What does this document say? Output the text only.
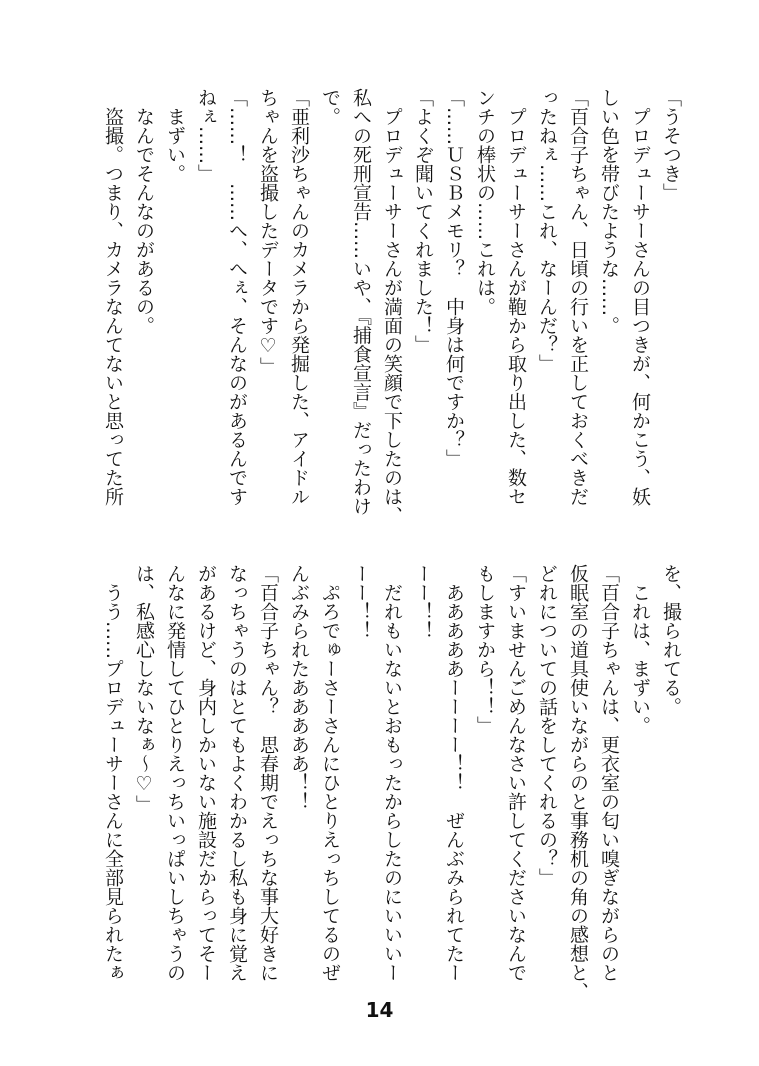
「うそつき」
　プロデューサーさんの目つきが、何かこう、妖
しい色を帯びたような……。
「百合子ちゃん、日頃の行いを正しておくべきだ
ったねぇ……これ、なーんだ？」
　プロデューサーさんが鞄から取り出した、数セ
ンチの棒状の……これは。
「……ＵＳＢメモリ？　中身は何ですか？」
「よくぞ聞いてくれました！」
　プロデューサーさんが満面の笑顔で下したのは、
私への死刑宣告……いや、『捕食宣言』だったわけ
で。
「亜利沙ちゃんのカメラから発掘した、アイドル
ちゃんを盗撮したデータです♡」
「……！　……へ、へぇ、そんなのがあるんです
ねぇ……」
　まずい。
　なんでそんなのがあるの。
　盗撮。つまり、カメラなんてないと思ってた所
を、撮られてる。
　これは、まずい。
「百合子ちゃんは、更衣室の匂い嗅ぎながらのと
仮眠室の道具使いながらのと事務机の角の感想と、
どれについての話をしてくれるの？」
「すいませんごめんなさい許してくださいなんで
もしますから！！」
　あああああーーーー！！　ぜんぶみられてたー
ーー！！
　だれもいないとおもったからしたのにいいいー
ーー！！
　ぷろでゅーさーさんにひとりえっちしてるのぜ
んぶみられたあああああ！！
「百合子ちゃん？　思春期でえっちな事大好きに
なっちゃうのはとてもよくわかるし私も身に覚え
があるけど、身内しかいない施設だからってそー
んなに発情してひとりえっちいっぱいしちゃうの
は、私感心しないなぁ〜♡」
　うう……プロデューサーさんに全部見られたぁ
14
